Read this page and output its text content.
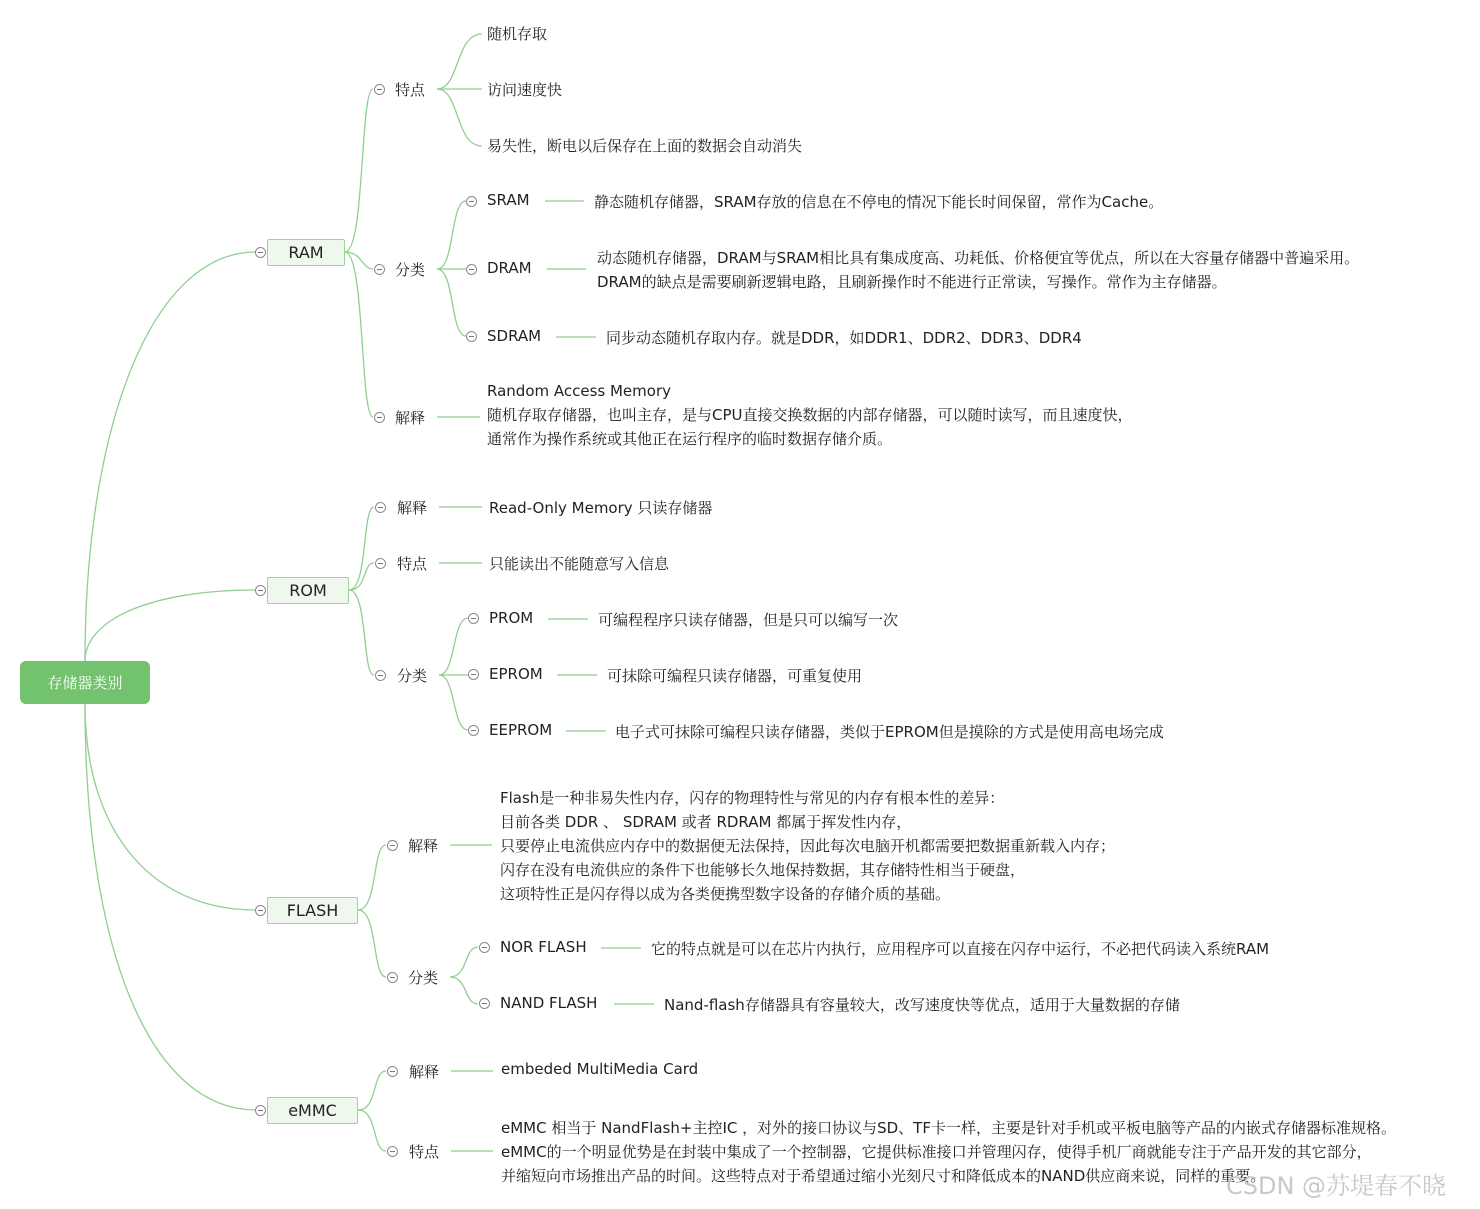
存储器类别
RAM
ROM
FLASH
eMMC
特点
随机存取
访问速度快
易失性，断电以后保存在上面的数据会自动消失
分类
SRAM	静态随机存储器，SRAM存放的信息在不停电的情况下能长时间保留，常作为Cache。
DRAM
动态随机存储器，DRAM与SRAM相比具有集成度高、功耗低、价格便宜等优点，所以在大容量存储器中普遍采用。
DRAM的缺点是需要刷新逻辑电路，且刷新操作时不能进行正常读，写操作。常作为主存储器。
SDRAM	同步动态随机存取内存。就是DDR，如DDR1、DDR2、DDR3、DDR4
解释
Random Access Memory
随机存取存储器，也叫主存，是与CPU直接交换数据的内部存储器，可以随时读写，而且速度快，
通常作为操作系统或其他正在运行程序的临时数据存储介质。
解释	Read-Only Memory 只读存储器
特点	只能读出不能随意写入信息
分类
PROM	可编程程序只读存储器，但是只可以编写一次
EPROM	可抹除可编程只读存储器，可重复使用
EEPROM	电子式可抹除可编程只读存储器，类似于EPROM但是摸除的方式是使用高电场完成
解释
Flash是一种非易失性内存，闪存的物理特性与常见的内存有根本性的差异：
目前各类 DDR 、 SDRAM 或者 RDRAM 都属于挥发性内存，
只要停止电流供应内存中的数据便无法保持，因此每次电脑开机都需要把数据重新载入内存；
闪存在没有电流供应的条件下也能够长久地保持数据，其存储特性相当于硬盘，
这项特性正是闪存得以成为各类便携型数字设备的存储介质的基础。
分类
NOR FLASH	它的特点就是可以在芯片内执行，应用程序可以直接在闪存中运行，不必把代码读入系统RAM
NAND FLASH	Nand-flash存储器具有容量较大，改写速度快等优点，适用于大量数据的存储
解释	embeded MultiMedia Card
特点
eMMC 相当于 NandFlash+主控IC ，对外的接口协议与SD、TF卡一样，主要是针对手机或平板电脑等产品的内嵌式存储器标准规格。
eMMC的一个明显优势是在封装中集成了一个控制器，它提供标准接口并管理闪存，使得手机厂商就能专注于产品开发的其它部分，
并缩短向市场推出产品的时间。这些特点对于希望通过缩小光刻尺寸和降低成本的NAND供应商来说，同样的重要。
CSDN @苏堤春不晓
